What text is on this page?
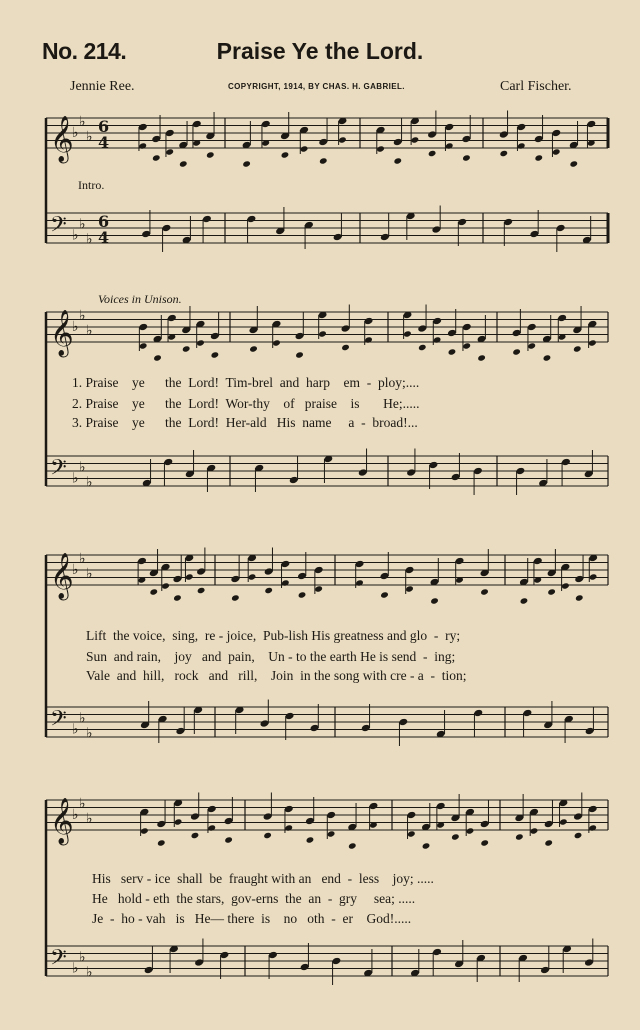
No. 214.	Praise Ye the Lord.
Jennie Ree.	COPYRIGHT, 1914, BY CHAS. H. GABRIEL.	Carl Fischer.
𝄞
♭
♭
♭
6
4
𝄢 ♭
♭
♭
6
4
𝄞
♭
♭
♭
𝄢 ♭
♭
♭
𝄞
♭
♭
♭
𝄢 ♭
♭
♭
𝄞
♭
♭
♭
𝄢 ♭
♭
♭
Intro.
Voices in Unison.
1. Praise    ye      the  Lord!  Tim-brel  and  harp    em  -  ploy;....
2. Praise    ye      the  Lord!  Wor-thy    of   praise    is       He;.....
3. Praise    ye      the  Lord!  Her-ald   His  name     a  -  broad!...
Lift  the voice,  sing,  re - joice,  Pub-lish His greatness and glo  -  ry;
Sun  and rain,    joy   and  pain,    Un - to the earth He is send  -  ing;
Vale  and  hill,   rock   and   rill,    Join  in the song with cre - a  -  tion;
His   serv - ice  shall  be  fraught with an   end  -  less    joy; .....
He   hold - eth  the stars,  gov-erns  the  an  -  gry     sea; .....
Je  -  ho - vah   is   He— there  is    no   oth  -  er    God!.....
